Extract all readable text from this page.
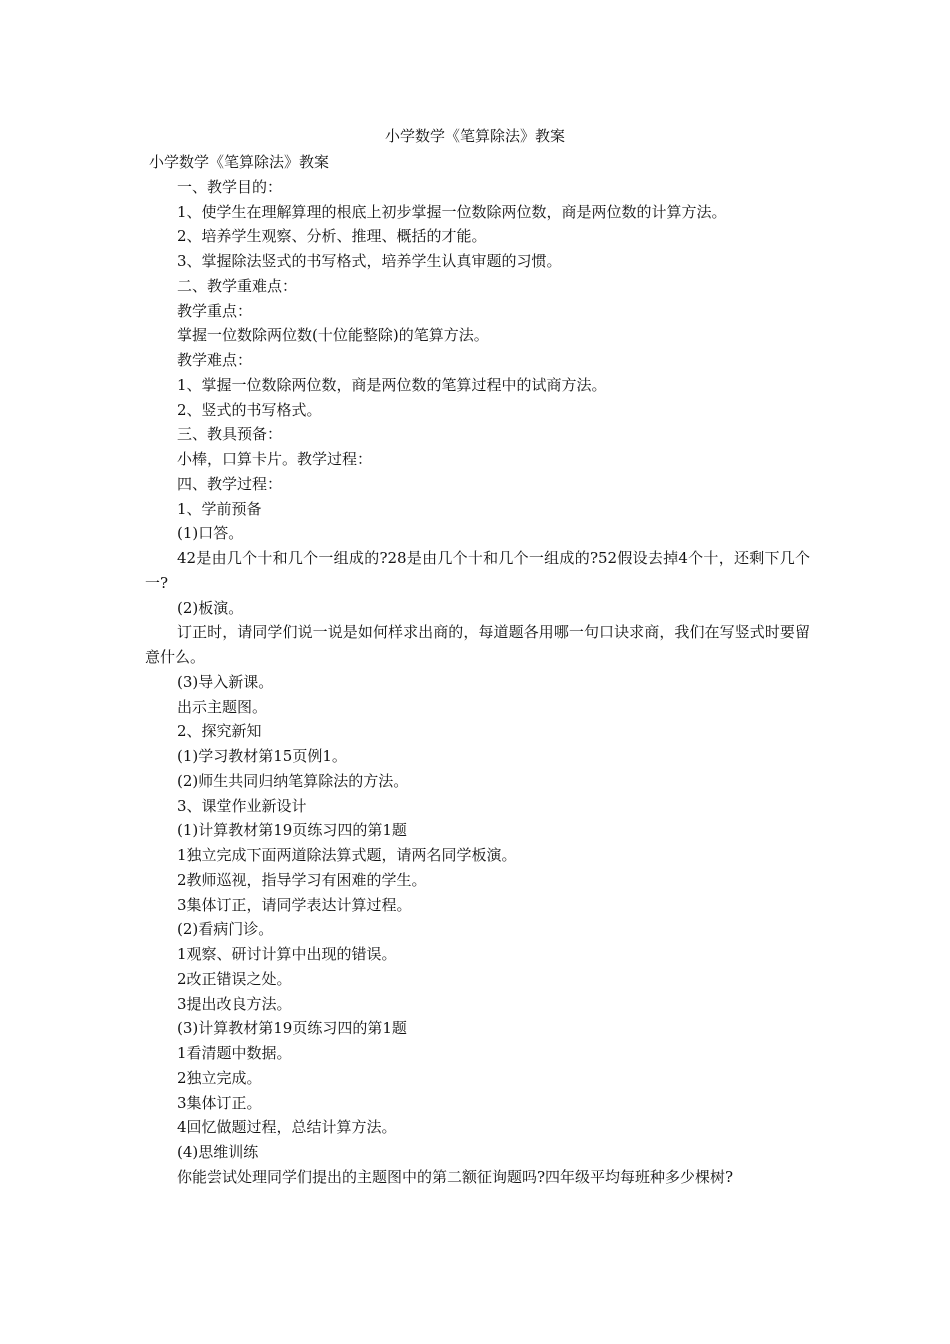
小学数学《笔算除法》教案

小学数学《笔算除法》教案

一、教学目的：

1、使学生在理解算理的根底上初步掌握一位数除两位数，商是两位数的计算方法。

2、培养学生观察、分析、推理、概括的才能。

3、掌握除法竖式的书写格式，培养学生认真审题的习惯。

二、教学重难点：

教学重点：

掌握一位数除两位数(十位能整除)的笔算方法。

教学难点：

1、掌握一位数除两位数，商是两位数的笔算过程中的试商方法。

2、竖式的书写格式。

三、教具预备：

小棒，口算卡片。教学过程：

四、教学过程：

1、学前预备

(1)口答。

42是由几个十和几个一组成的?28是由几个十和几个一组成的?52假设去掉4个十，还剩下几个一?

(2)板演。

订正时，请同学们说一说是如何样求出商的，每道题各用哪一句口诀求商，我们在写竖式时要留意什么。

(3)导入新课。

出示主题图。

2、探究新知

(1)学习教材第15页例1。

(2)师生共同归纳笔算除法的方法。

3、课堂作业新设计

(1)计算教材第19页练习四的第1题

1独立完成下面两道除法算式题，请两名同学板演。

2教师巡视，指导学习有困难的学生。

3集体订正，请同学表达计算过程。

(2)看病门诊。

1观察、研讨计算中出现的错误。

2改正错误之处。

3提出改良方法。

(3)计算教材第19页练习四的第1题

1看清题中数据。

2独立完成。

3集体订正。

4回忆做题过程，总结计算方法。

(4)思维训练

你能尝试处理同学们提出的主题图中的第二额征询题吗?四年级平均每班种多少棵树?
